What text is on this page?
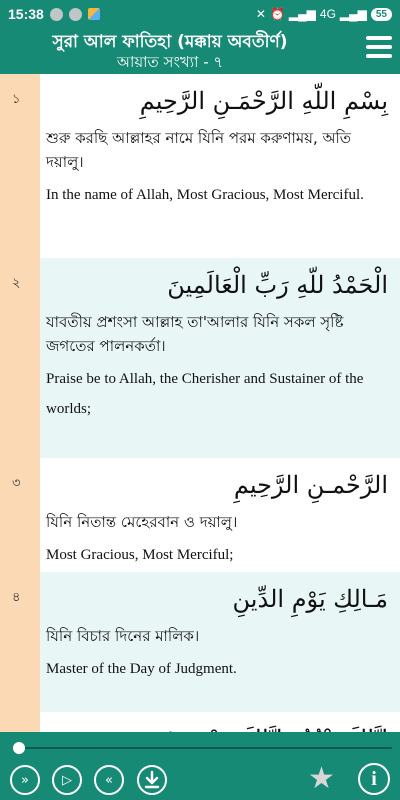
15:38	✕ ⏰ ▂▄▆ 4G ▂▄▆ 55
সুরা আল ফাতিহা (মক্কায় অবতীর্ণ)
আয়াত সংখ্যা - ৭
১	بِسْمِ اللّهِ الرَّحْمَـنِ الرَّحِيمِ
শুরু করছি আল্লাহর নামে যিনি পরম করুণাময়, অতি দয়ালু।
In the name of Allah, Most Gracious, Most Merciful.
২	الْحَمْدُ للّهِ رَبِّ الْعَالَمِينَ
যাবতীয় প্রশংসা আল্লাহ তা'আলার যিনি সকল সৃষ্টি জগতের পালনকর্তা।
Praise be to Allah, the Cherisher and Sustainer of the worlds;
৩	الرَّحْمـنِ الرَّحِيمِ
যিনি নিতান্ত মেহেরবান ও দয়ালু।
Most Gracious, Most Merciful;
৪	مَـالِكِ يَوْمِ الدِّينِ
যিনি বিচার দিনের মালিক।
Master of the Day of Judgment.
»	▷	«	★ i
